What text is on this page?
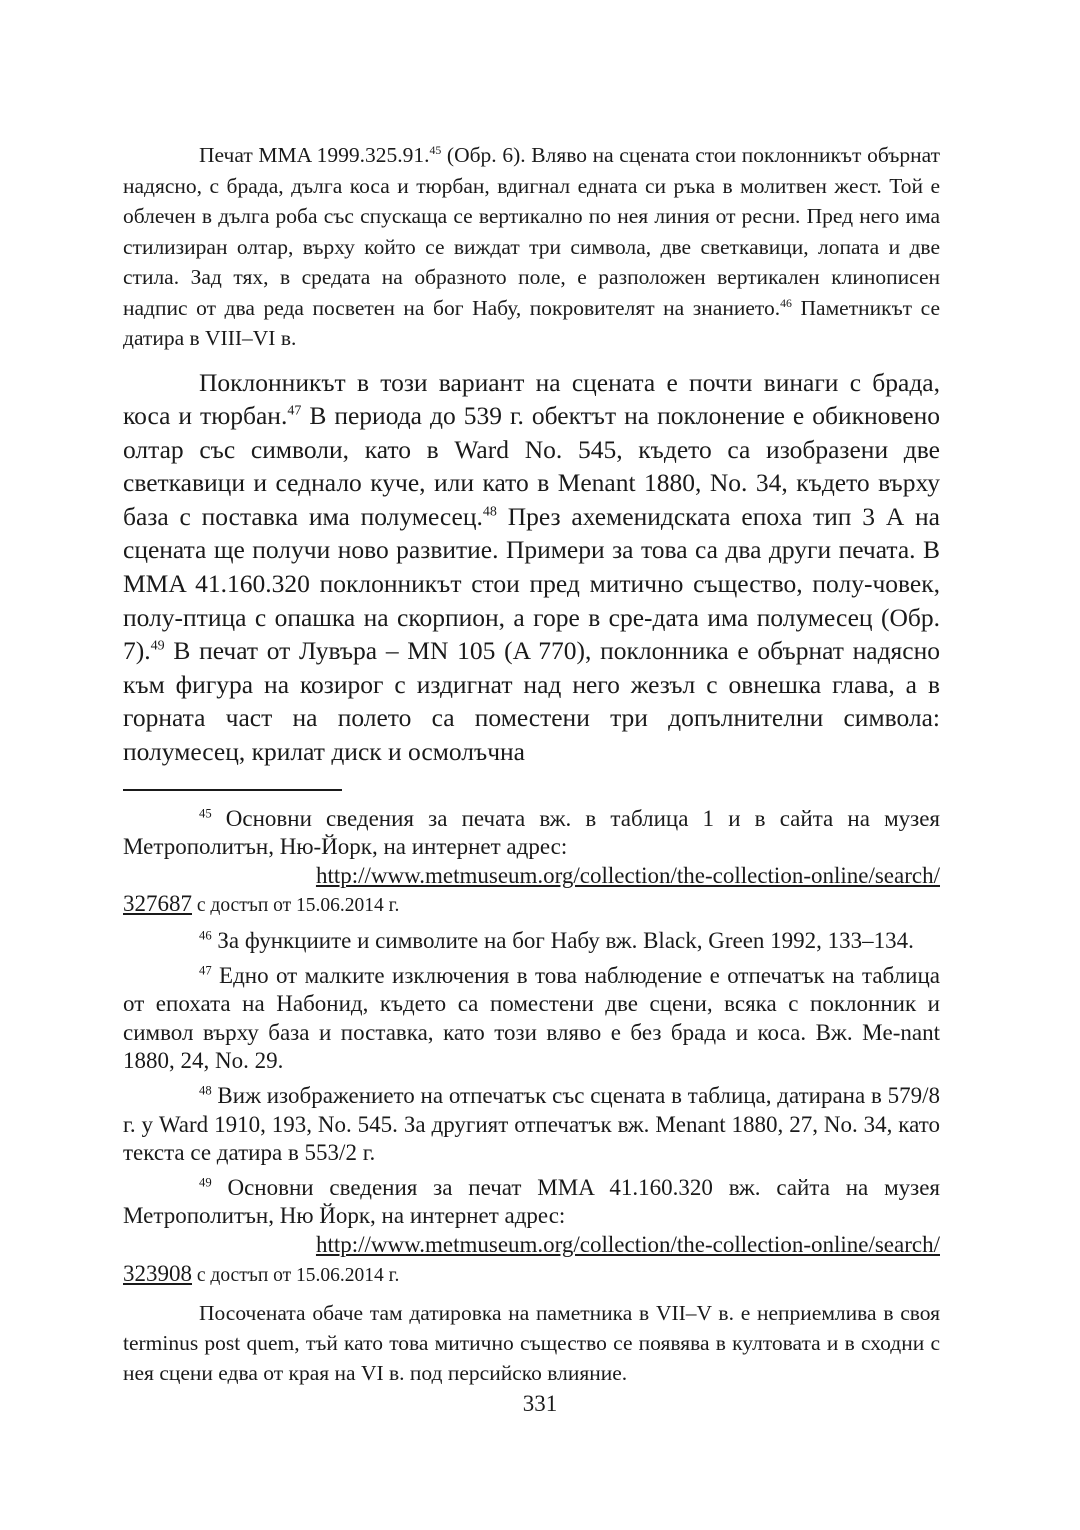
Печат MMA 1999.325.91.45 (Обр. 6). Вляво на сцената стои поклонникът обърнат надясно, с брада, дълга коса и тюрбан, вдигнал едната си ръка в молитвен жест. Той е облечен в дълга роба със спускаща се вертикално по нея линия от ресни. Пред него има стилизиран олтар, върху който се виждат три символа, две светкавици, лопата и две стила. Зад тях, в средата на образното поле, е разположен вертикален клинописен надпис от два реда посветен на бог Набу, покровителят на знанието.$^{46}$ Паметникът се датира в VIII–VI в.

Поклонникът в този вариант на сцената е почти винаги с брада, коса и тюрбан.$^{47}$ В периода до 539 г. обектът на поклонение е обикновено олтар със символи, като в Ward No. 545, където са изобразени две светкавици и седнало куче, или като в Menant 1880, No. 34, където върху база с поставка има полумесец.$^{48}$ През ахеменидската епоха тип 3 А на сцената ще получи ново развитие. Примери за това са два други печата. В MMA 41.160.320 поклонникът стои пред митично същество, полу-човек, полу-птица с опашка на скорпион, а горе в сре-дата има полумесец (Обр. 7).$^{49}$ В печат от Лувъра – MN 105 (A 770), поклонника е обърнат надясно към фигура на козирог с издигнат над него жезъл с овнешка глава, а в горната част на полето са поместени три допълнителни символа: полумесец, крилат диск и осмолъчна

$^{45}$ Основни сведения за печата вж. в таблица 1 и в сайта на музея Метрополитън, Ню-Йорк, на интернет адрес:
http://www.metmuseum.org/collection/the-collection-online/search/
327687 с достъп от 15.06.2014 г.
$^{46}$ За функциите и символите на бог Набу вж. Black, Green 1992, 133–134.
$^{47}$ Едно от малките изключения в това наблюдение е отпечатък на таблица от епохата на Набонид, където са поместени две сцени, всяка с поклонник и символ върху база и поставка, като този вляво е без брада и коса. Вж. Me-nant 1880, 24, No. 29.
$^{48}$ Виж изображението на отпечатък със сцената в таблица, датирана в 579/8 г. у Ward 1910, 193, No. 545. За другият отпечатък вж. Menant 1880, 27, No. 34, като текста се датира в 553/2 г.
$^{49}$ Основни сведения за печат MMA 41.160.320 вж. сайта на музея Метрополитън, Ню Йорк, на интернет адрес:
http://www.metmuseum.org/collection/the-collection-online/search/
323908 с достъп от 15.06.2014 г.

Посочената обаче там датировка на паметника в VII–V в. е неприемлива в своя terminus post quem, тъй като това митично същество се появява в култовата и в сходни с нея сцени едва от края на VI в. под персийско влияние.

331
